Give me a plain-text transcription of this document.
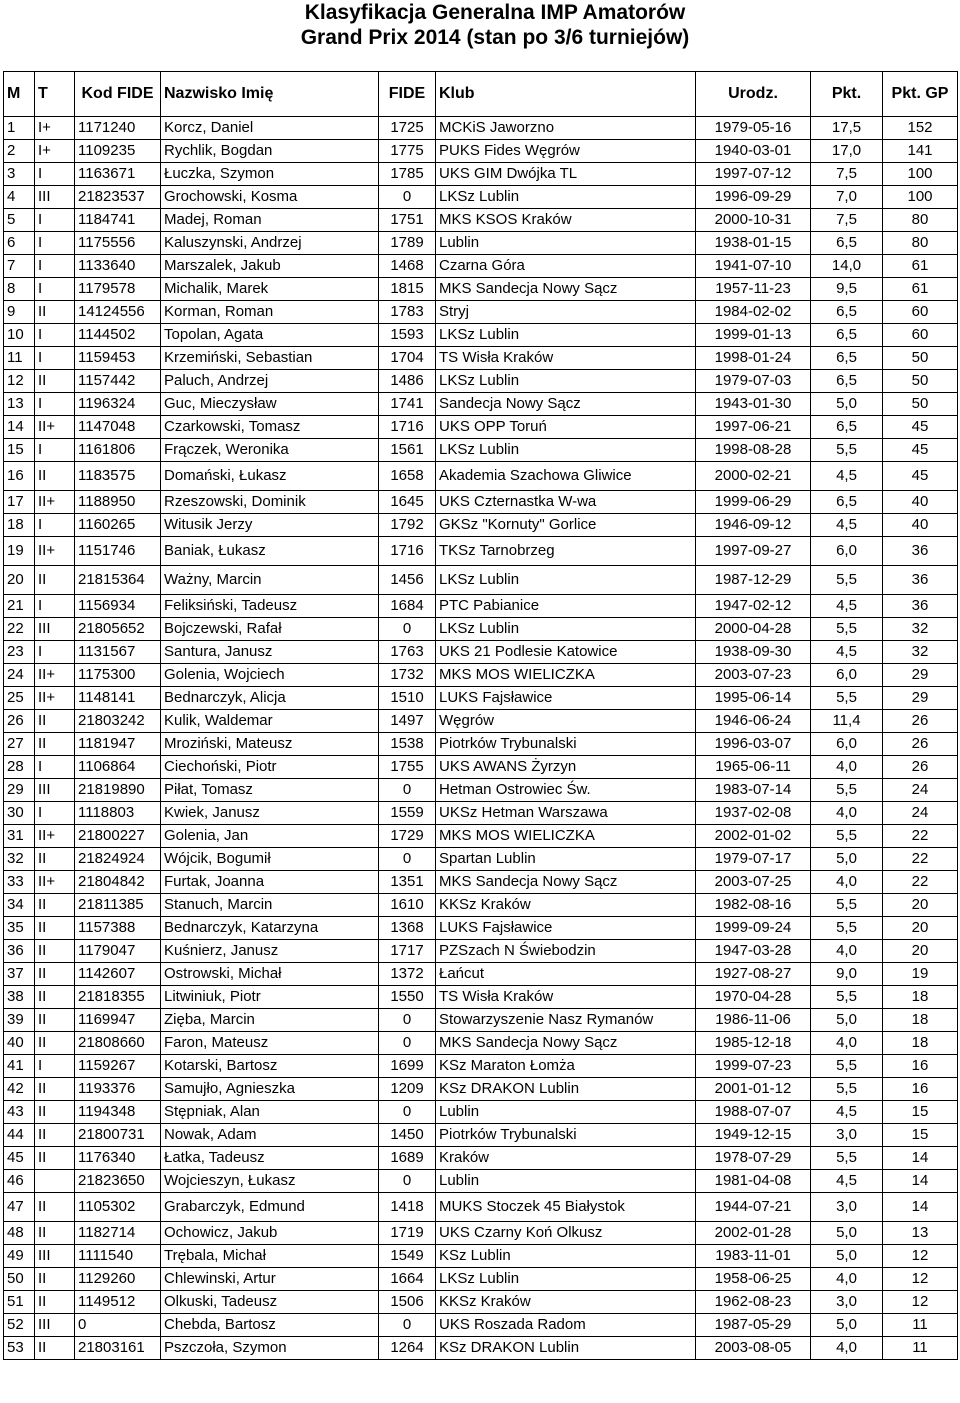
Klasyfikacja Generalna IMP Amatorów
Grand Prix 2014 (stan po 3/6 turniejów)
M	T	Kod FIDE	Nazwisko Imię	FIDE	Klub	Urodz.	Pkt.	Pkt. GP
1	I+	1171240	Korcz, Daniel	1725	MCKiS Jaworzno	1979-05-16	17,5	152
2	I+	1109235	Rychlik, Bogdan	1775	PUKS Fides Węgrów	1940-03-01	17,0	141
3	I	1163671	Łuczka, Szymon	1785	UKS GIM Dwójka TL	1997-07-12	7,5	100
4	III	21823537	Grochowski, Kosma	0	LKSz Lublin	1996-09-29	7,0	100
5	I	1184741	Madej, Roman	1751	MKS KSOS Kraków	2000-10-31	7,5	80
6	I	1175556	Kaluszynski, Andrzej	1789	Lublin	1938-01-15	6,5	80
7	I	1133640	Marszalek, Jakub	1468	Czarna Góra	1941-07-10	14,0	61
8	I	1179578	Michalik, Marek	1815	MKS Sandecja Nowy Sącz	1957-11-23	9,5	61
9	II	14124556	Korman, Roman	1783	Stryj	1984-02-02	6,5	60
10	I	1144502	Topolan, Agata	1593	LKSz Lublin	1999-01-13	6,5	60
11	I	1159453	Krzemiński, Sebastian	1704	TS Wisła Kraków	1998-01-24	6,5	50
12	II	1157442	Paluch, Andrzej	1486	LKSz Lublin	1979-07-03	6,5	50
13	I	1196324	Guc, Mieczysław	1741	Sandecja Nowy Sącz	1943-01-30	5,0	50
14	II+	1147048	Czarkowski, Tomasz	1716	UKS OPP Toruń	1997-06-21	6,5	45
15	I	1161806	Frączek, Weronika	1561	LKSz Lublin	1998-08-28	5,5	45
16	II	1183575	Domański, Łukasz	1658	Akademia Szachowa Gliwice	2000-02-21	4,5	45
17	II+	1188950	Rzeszowski, Dominik	1645	UKS Czternastka W-wa	1999-06-29	6,5	40
18	I	1160265	Witusik Jerzy	1792	GKSz "Kornuty" Gorlice	1946-09-12	4,5	40
19	II+	1151746	Baniak, Łukasz	1716	TKSz Tarnobrzeg	1997-09-27	6,0	36
20	II	21815364	Ważny, Marcin	1456	LKSz Lublin	1987-12-29	5,5	36
21	I	1156934	Feliksiński, Tadeusz	1684	PTC Pabianice	1947-02-12	4,5	36
22	III	21805652	Bojczewski, Rafał	0	LKSz Lublin	2000-04-28	5,5	32
23	I	1131567	Santura, Janusz	1763	UKS 21 Podlesie Katowice	1938-09-30	4,5	32
24	II+	1175300	Golenia, Wojciech	1732	MKS MOS WIELICZKA	2003-07-23	6,0	29
25	II+	1148141	Bednarczyk, Alicja	1510	LUKS Fajsławice	1995-06-14	5,5	29
26	II	21803242	Kulik, Waldemar	1497	Węgrów	1946-06-24	11,4	26
27	II	1181947	Mroziński, Mateusz	1538	Piotrków Trybunalski	1996-03-07	6,0	26
28	I	1106864	Ciechoński, Piotr	1755	UKS AWANS Żyrzyn	1965-06-11	4,0	26
29	III	21819890	Piłat, Tomasz	0	Hetman Ostrowiec Św.	1983-07-14	5,5	24
30	I	1118803	Kwiek, Janusz	1559	UKSz Hetman Warszawa	1937-02-08	4,0	24
31	II+	21800227	Golenia, Jan	1729	MKS MOS WIELICZKA	2002-01-02	5,5	22
32	II	21824924	Wójcik, Bogumił	0	Spartan Lublin	1979-07-17	5,0	22
33	II+	21804842	Furtak, Joanna	1351	MKS Sandecja Nowy Sącz	2003-07-25	4,0	22
34	II	21811385	Stanuch, Marcin	1610	KKSz Kraków	1982-08-16	5,5	20
35	II	1157388	Bednarczyk, Katarzyna	1368	LUKS Fajsławice	1999-09-24	5,5	20
36	II	1179047	Kuśnierz, Janusz	1717	PZSzach N Świebodzin	1947-03-28	4,0	20
37	II	1142607	Ostrowski, Michał	1372	Łańcut	1927-08-27	9,0	19
38	II	21818355	Litwiniuk, Piotr	1550	TS Wisła Kraków	1970-04-28	5,5	18
39	II	1169947	Zięba, Marcin	0	Stowarzyszenie Nasz Rymanów	1986-11-06	5,0	18
40	II	21808660	Faron, Mateusz	0	MKS Sandecja Nowy Sącz	1985-12-18	4,0	18
41	I	1159267	Kotarski, Bartosz	1699	KSz Maraton Łomża	1999-07-23	5,5	16
42	II	1193376	Samujło, Agnieszka	1209	KSz DRAKON Lublin	2001-01-12	5,5	16
43	II	1194348	Stępniak, Alan	0	Lublin	1988-07-07	4,5	15
44	II	21800731	Nowak, Adam	1450	Piotrków Trybunalski	1949-12-15	3,0	15
45	II	1176340	Łatka, Tadeusz	1689	Kraków	1978-07-29	5,5	14
46		21823650	Wojcieszyn, Łukasz	0	Lublin	1981-04-08	4,5	14
47	II	1105302	Grabarczyk, Edmund	1418	MUKS Stoczek 45 Białystok	1944-07-21	3,0	14
48	II	1182714	Ochowicz, Jakub	1719	UKS Czarny Koń Olkusz	2002-01-28	5,0	13
49	III	1111540	Trębala, Michał	1549	KSz Lublin	1983-11-01	5,0	12
50	II	1129260	Chlewinski, Artur	1664	LKSz Lublin	1958-06-25	4,0	12
51	II	1149512	Olkuski, Tadeusz	1506	KKSz Kraków	1962-08-23	3,0	12
52	III	0	Chebda, Bartosz	0	UKS Roszada Radom	1987-05-29	5,0	11
53	II	21803161	Pszczoła, Szymon	1264	KSz DRAKON Lublin	2003-08-05	4,0	11
